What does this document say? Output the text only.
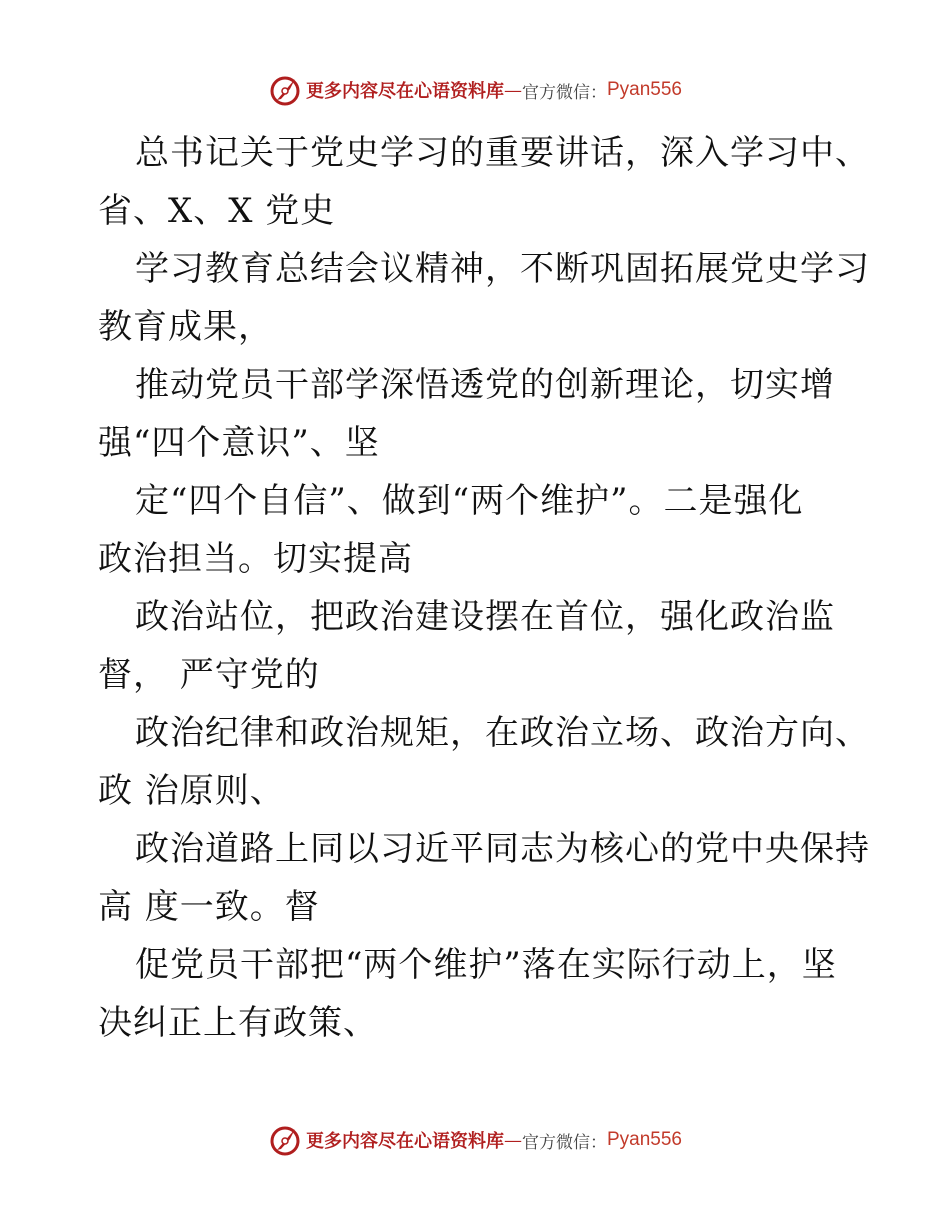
更多内容尽在心语资料库 — 官方微信： Pyan556
总书记关于党史学习的重要讲话，深入学习中、
省、X、X 党史
学习教育总结会议精神，不断巩固拓展党史学习
教育成果，
推动党员干部学深悟透党的创新理论，切实增
强“四个意识”、坚
定“四个自信”、做到“两个维护”。二是强化
政治担当。切实提高
政治站位，把政治建设摆在首位，强化政治监
督， 严守党的
政治纪律和政治规矩，在政治立场、政治方向、
政 治原则、
政治道路上同以习近平同志为核心的党中央保持
高 度一致。督
促党员干部把“两个维护”落在实际行动上，坚
决纠正上有政策、
更多内容尽在心语资料库 — 官方微信： Pyan556
